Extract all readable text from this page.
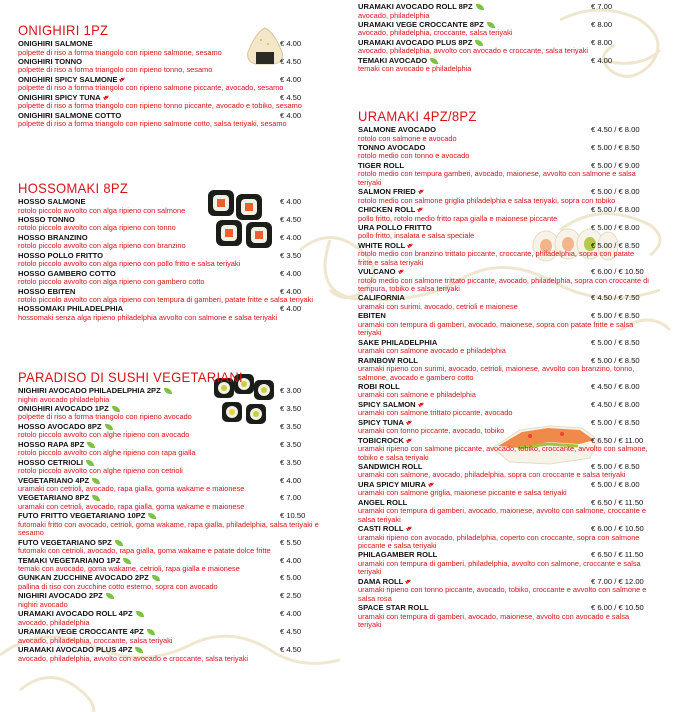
ONIGHIRI 1PZ
ONIGHIRI SALMONE	€ 4.00
polpette di riso a forma triangolo con ripieno salmone, sesamo
ONIGHIRI TONNO	€ 4.50
polpette di riso a forma triangolo con ripieno tonno, sesamo
ONIGHIRI SPICY SALMONE❧	€ 4.00
polpette di riso a forma triangolo con ripieno salmone piccante, avocado, sesamo
ONIGHIRI SPICY TUNA❧	€ 4.50
polpette di riso a forma triangolo con ripieno tonno piccante, avocado e tobiko, sesamo
ONIGHIRI SALMONE COTTO	€ 4.00
polpette di riso a forma triangolo con ripieno salmone cotto, salsa teriyaki, sesamo
HOSSOMAKI 8PZ
HOSSO SALMONE	€ 4.00
rotolo piccolo avvolto con alga ripieno con salmone
HOSSO TONNO	€ 4.50
rotolo piccolo avvolto con alga ripieno con tonno
HOSSO BRANZINO	€ 4.00
rotolo piccolo avvolto con alga ripieno con branzino
HOSSO POLLO FRITTO	€ 3.50
rotolo piccolo avvolto con alga ripieno con pollo fritto e salsa teriyaki
HOSSO GAMBERO COTTO	€ 4.00
rotolo piccolo avvolto con alga ripieno con gambero cotto
HOSSO EBITEN	€ 4.00
rotolo piccolo avvolto con alga ripieno con tempura di gamberi, patate fritte e salsa teriyaki
HOSSOMAKI PHILADELPHIA	€ 4.00
hossomaki senza alga ripieno philadelphia avvolto con salmone e salsa teriyaki
PARADISO DI SUSHI VEGETARIANI
NIGHIRI AVOCADO PHILADELPHIA 2PZ	€ 3.00
nighiri avocado philadelphia
ONIGHIRI AVOCADO 1PZ	€ 3.50
polpette di riso a forma triangolo con ripieno avocado
HOSSO AVOCADO 8PZ	€ 3.50
rotolo piccolo avvolto con alghe ripieno con avocado
HOSSO RAPA 8PZ	€ 3.50
rotolo piccolo avvolto con alghe ripieno con rapa gialla
HOSSO CETRIOLI	€ 3.50
rotolo piccolo avvolto con alghe ripieno con cetrioli
VEGETARIANO 4PZ	€ 4.00
uramaki con cetrioli, avocado, rapa gialla, goma wakame e maionese
VEGETARIANO 8PZ	€ 7.00
uramaki con cetrioli, avocado, rapa gialla, goma wakame e maionese
FUTO FRITTO VEGETARIANO 10PZ	€ 10.50
futomaki fritto con avocado, cetrioli, goma wakame, rapa gialla, philadelphia, salsa teriyaki e sesamo
FUTO VEGETARIANO 5PZ	€ 5.50
futomaki con cetrioli, avocado, rapa gialla, goma wakame e patate dolce fritte
TEMAKI VEGETARIANO 1PZ	€ 4.00
temaki con avocado, goma wakame, cetrioli, rapa gialla e maionese
GUNKAN ZUCCHINE AVOCADO 2PZ	€ 5.00
pallina di riso con zucchine cotto esterno, sopra con avocado
NIGHIRI AVOCADO 2PZ	€ 2.50
nighiri avocado
URAMAKI AVOCADO ROLL 4PZ	€ 4.00
avocado, philadelphia
URAMAKI VEGE CROCCANTE 4PZ	€ 4.50
avocado, philadelphia, croccante, salsa teriyaki
URAMAKI AVOCADO PLUS 4PZ	€ 4.50
avocado, philadelphia, avvolto con avocado e croccante, salsa teriyaki
URAMAKI AVOCADO ROLL 8PZ	€ 7.00
avocado, philadelphia
URAMAKI VEGE CROCCANTE 8PZ	€ 8.00
avocado, philadelphia, croccante, salsa teriyaki
URAMAKI AVOCADO PLUS 8PZ	€ 8.00
avocado, philadelphia, avvolto con avocado e croccante, salsa teriyaki
TEMAKI AVOCADO	€ 4.00
temaki con avocado e philadelphia
URAMAKI 4PZ/8PZ
SALMONE AVOCADO	€ 4.50 / € 8.00
rotolo con salmone e avocado
TONNO AVOCADO	€ 5.00 / € 8.50
rotolo medio con tonno e avocado
TIGER ROLL	€ 5.00 / € 9.00
rotolo medio con tempura gamberi, avocado, maionese, avvolto con salmone e salsa teriyaki
SALMON FRIED❧	€ 5.00 / € 8.00
rotolo medio con salmone griglia philadelphia e salsa teriyaki, sopra con tobiko
CHICKEN ROLL❧	€ 5.00 / € 8.00
pollo fritto, rotolo medio fritto rapa gialla e maionese piccante
URA POLLO FRITTO	€ 5.00 / € 8.00
pollo fritto, insalata e salsa speciale
WHITE ROLL❧	€ 5.00 / € 8.50
rotolo medio con branzino trittato piccante, croccante, philadelphia, sopra con patate fritte e salsa teriyaki
VULCANO❧	€ 6.00 / € 10.50
rotolo medio con salmone trittato piccante, avocado, philadelphia, sopra con croccante di tempura, tobiko e salsa teriyaki
CALIFORNIA	€ 4.50 / € 7.50
uramaki con surimi, avocado, cetrioli e maionese
EBITEN	€ 5.00 / € 8.50
uramaki con tempura di gamberi, avocado, maionese, sopra con patate fritte e salsa teriyaki
SAKE PHILADELPHIA	€ 5.00 / € 8.50
uramaki con salmone avocado e philadelphia
RAINBOW ROLL	€ 5.00 / € 8.50
uramaki ripieno con surimi, avocado, cetrioli, maionese, avvolto con branzino, tonno, salmone, avocado e gambero cotto
ROBI ROLL	€ 4.50 / € 8.00
uramaki con salmone e philadelphia
SPICY SALMON❧	€ 4.50 / € 8.00
uramaki con salmone trittato piccante, avocado
SPICY TUNA❧	€ 5.00 / € 8.50
uramaki con tonno piccante, avocado, tobiko
TOBICROCK❧	€ 6.50 / € 11.00
uramaki ripieno con salmone piccante, avocado, tobiko, croccante, avvolto con salmone, tobiko e salsa teriyaki
SANDWICH ROLL	€ 5.00 / € 8.50
uramaki con salmone, avocado, philadelphia, sopra con croccante e salsa teriyaki
URA SPICY MIURA❧	€ 5.00 / € 8.00
uramaki con salmone griglia, maionese piccante e salsa teriyaki
ANGEL ROLL	€ 6.50 / € 11.50
uramaki con tempura di gamberi, avocado, maionese, avvolto con salmone, croccante e salsa teriyaki
CASTI ROLL❧	€ 6.00 / € 10.50
uramaki ripieno con avocado, philadelphia, coperto con croccante, sopra con salmone piccante e salsa teriyaki
PHILAGAMBER ROLL	€ 6.50 / € 11.50
uramaki con tempura di gamberi, philadelphia, avvolto con salmone, croccante e salsa teriyaki
DAMA ROLL❧	€ 7.00 / € 12.00
uramaki ripieno con tonno piccante, avocado, tobiko, croccante e avvolto con salmone e salsa rosa
SPACE STAR ROLL	€ 6.00 / € 10.50
uramaki con tempura di gamberi, avocado, maionese, avvolto con avocado e salsa teriyaki
